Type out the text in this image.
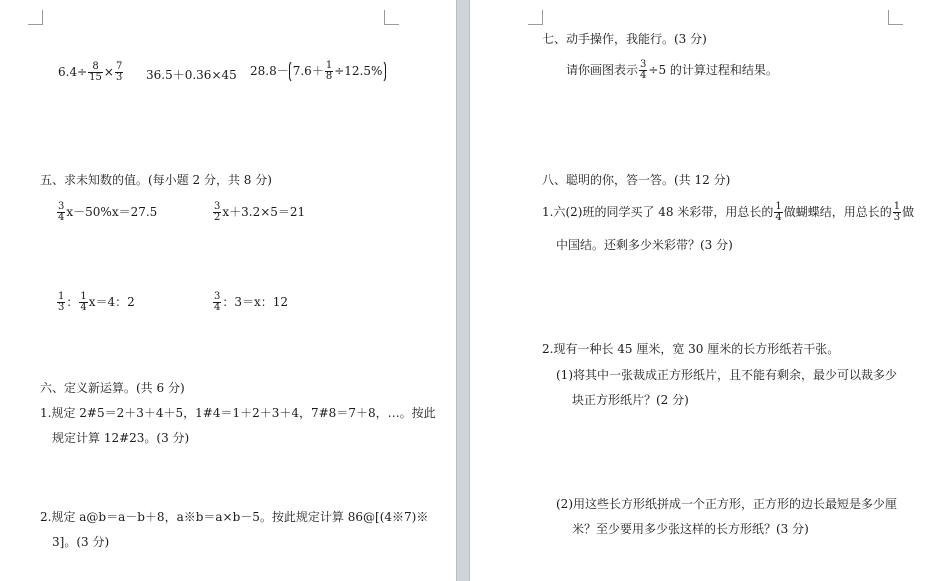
$6.4\div \frac{8}{15} \times \frac{7}{3} 36.5+0.36\times 45$ $28.8- 7.6+ \frac{1}{8} \div 12.5\%$
五、求未知数的值。(每小题 2 分，共 8 分)
$\frac{3}{4} x-50\%x=27.5$	$\frac{3}{2} x+3.2\times 5=21$
$\frac{1}{3}$ ： $\frac{1}{4} x=4$：2	$\frac{3}{4}$ ：3＝x：12
六、定义新运算。(共 6 分)
1.规定 2#5＝2＋3＋4＋5，1#4＝1＋2＋3＋4，7#8＝7＋8，…。按此
规定计算 12#23。(3 分)
2.规定 a@b＝a－b＋8，a※b＝a×b－5。按此规定计算 86@[(4※7)※
3]。(3 分)
七、动手操作，我能行。(3 分)
请你画图表示 $\frac{3}{4} \div 5$ 的计算过程和结果。
八、聪明的你，答一答。(共 12 分)
1.六(2)班的同学买了 48 米彩带，用总长的 $\frac{1}{4}$ 做蝴蝶结，用总长的 $\frac{1}{3}$ 做
中国结。还剩多少米彩带？(3 分)
2.现有一种长 45 厘米，宽 30 厘米的长方形纸若干张。
(1)将其中一张裁成正方形纸片，且不能有剩余，最少可以裁多少
块正方形纸片？(2 分)
(2)用这些长方形纸拼成一个正方形，正方形的边长最短是多少厘
米？至少要用多少张这样的长方形纸？(3 分)
